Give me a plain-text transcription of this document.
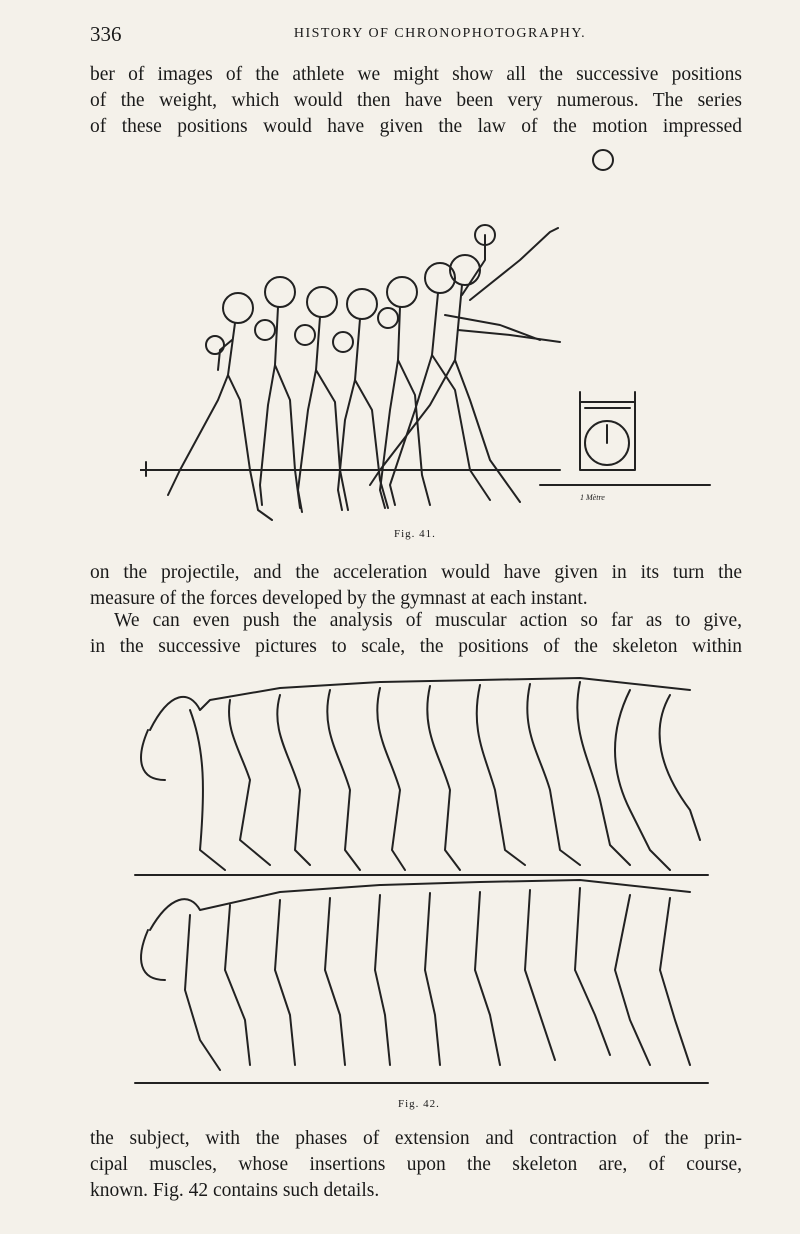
336	HISTORY OF CHRONOPHOTOGRAPHY.
ber of images of the athlete we might show all the successive positions
of the weight, which would then have been very numerous. The series
of these positions would have given the law of the motion impressed
1 Mètre
Fig. 41.
on the projectile, and the acceleration would have given in its turn the
measure of the forces developed by the gymnast at each instant.
We can even push the analysis of muscular action so far as to give,
in the successive pictures to scale, the positions of the skeleton within
Fig. 42.
the subject, with the phases of extension and contraction of the prin-
cipal muscles, whose insertions upon the skeleton are, of course,
known. Fig. 42 contains such details.
